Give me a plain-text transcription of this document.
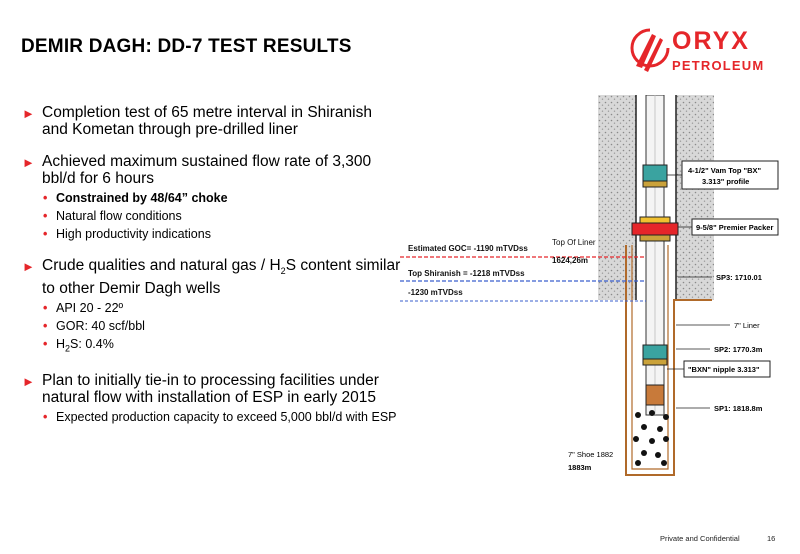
DEMIR DAGH: DD-7 TEST RESULTS	ORYX
PETROLEUM
► Completion test of 65 metre interval in Shiranish and Kometan through pre-drilled liner
► Achieved maximum sustained flow rate of 3,300 bbl/d for 6 hours
• Constrained by 48/64” choke
• Natural flow conditions
• High productivity indications
► Crude qualities and natural gas / $H_2S$ content similar to other Demir Dagh wells
• API 20 - 22º
• GOR: 40 scf/bbl
• $H_2S$: 0.4%
► Plan to initially tie-in to processing facilities under natural flow with installation of ESP in early 2015
• Expected production capacity to exceed 5,000 bbl/d with ESP
Estimated GOC= -1190 mTVDss
Top Of Liner
1624,26m
Top Shiranish = -1218 mTVDss
-1230 mTVDss
4-1/2" Vam Top "BX"
3.313" profile
9-5/8" Premier Packer
SP3: 1710.01
7" Liner
SP2: 1770.3m
"BXN" nipple 3.313"
SP1: 1818.8m
7" Shoe 1882
1883m
Private and Confidential	16
